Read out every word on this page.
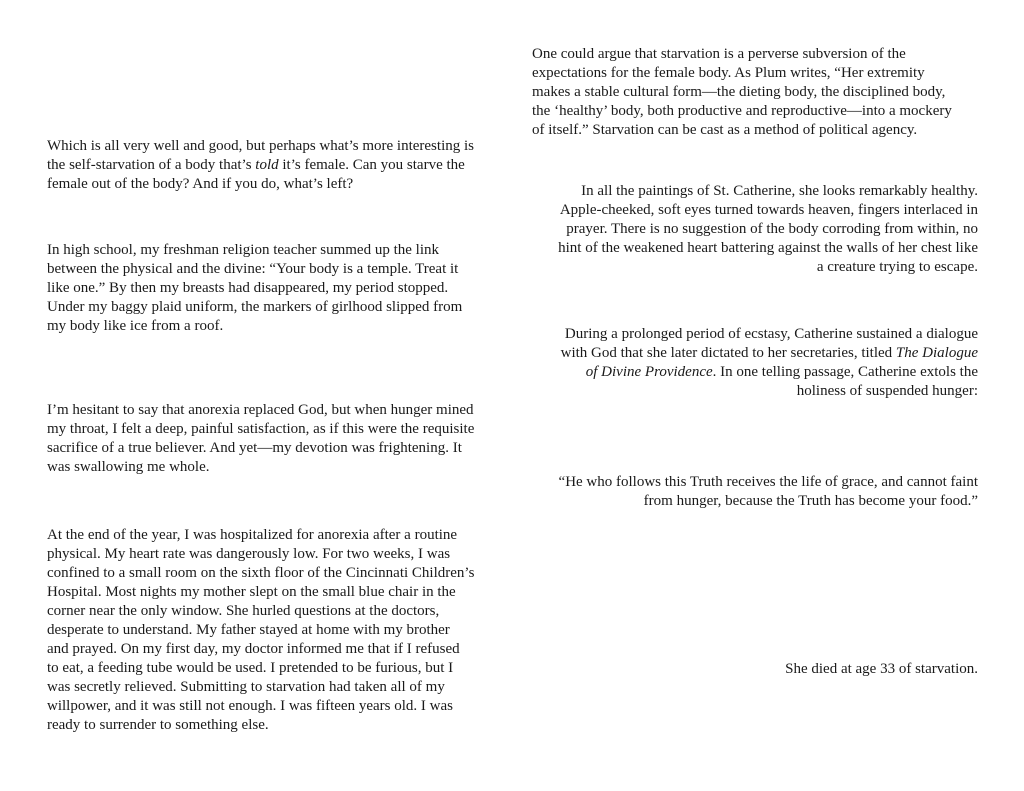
Which is all very well and good, but perhaps what’s more interesting is
the self-starvation of a body that’s told it’s female. Can you starve the
female out of the body? And if you do, what’s left?
In high school, my freshman religion teacher summed up the link
between the physical and the divine: “Your body is a temple. Treat it
like one.” By then my breasts had disappeared, my period stopped.
Under my baggy plaid uniform, the markers of girlhood slipped from
my body like ice from a roof.
I’m hesitant to say that anorexia replaced God, but when hunger mined
my throat, I felt a deep, painful satisfaction, as if this were the requisite
sacrifice of a true believer. And yet—my devotion was frightening. It
was swallowing me whole.
At the end of the year, I was hospitalized for anorexia after a routine
physical. My heart rate was dangerously low. For two weeks, I was
confined to a small room on the sixth floor of the Cincinnati Children’s
Hospital. Most nights my mother slept on the small blue chair in the
corner near the only window. She hurled questions at the doctors,
desperate to understand. My father stayed at home with my brother
and prayed. On my first day, my doctor informed me that if I refused
to eat, a feeding tube would be used. I pretended to be furious, but I
was secretly relieved. Submitting to starvation had taken all of my
willpower, and it was still not enough. I was fifteen years old. I was
ready to surrender to something else.
One could argue that starvation is a perverse subversion of the
expectations for the female body. As Plum writes, “Her extremity
makes a stable cultural form—the dieting body, the disciplined body,
the ‘healthy’ body, both productive and reproductive—into a mockery
of itself.” Starvation can be cast as a method of political agency.
In all the paintings of St. Catherine, she looks remarkably healthy.
Apple-cheeked, soft eyes turned towards heaven, fingers interlaced in
prayer. There is no suggestion of the body corroding from within, no
hint of the weakened heart battering against the walls of her chest like
a creature trying to escape.
During a prolonged period of ecstasy, Catherine sustained a dialogue
with God that she later dictated to her secretaries, titled The Dialogue
of Divine Providence. In one telling passage, Catherine extols the
holiness of suspended hunger:
“He who follows this Truth receives the life of grace, and cannot faint
from hunger, because the Truth has become your food.”
She died at age 33 of starvation.
